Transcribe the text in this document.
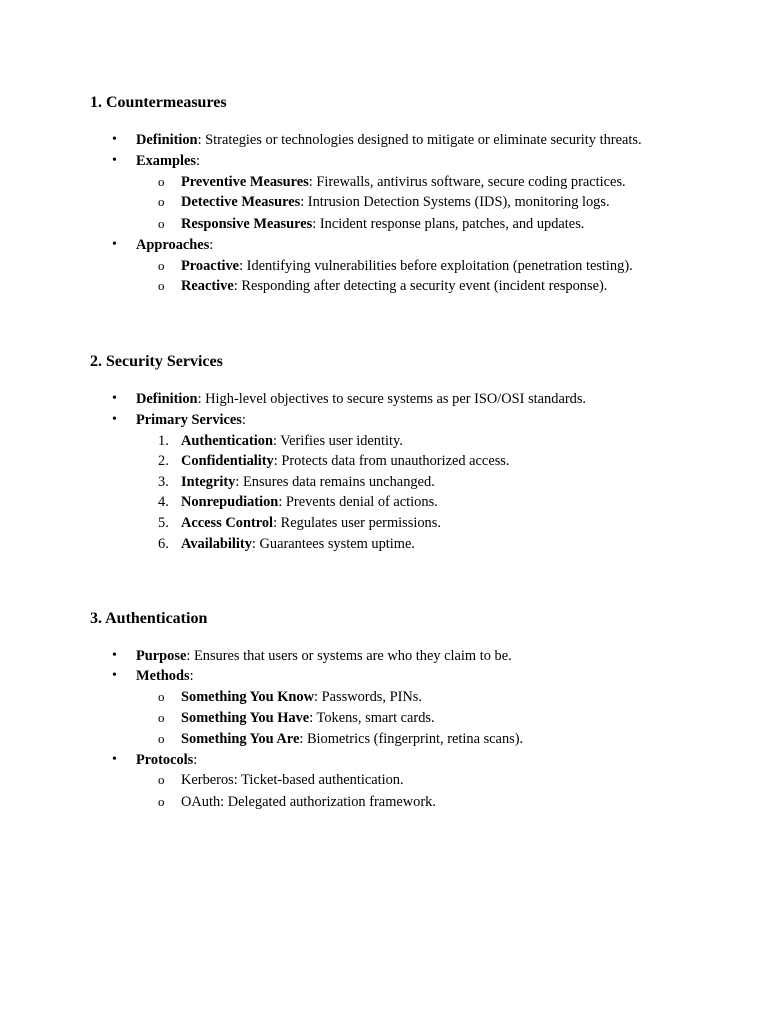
1. Countermeasures
• Definition: Strategies or technologies designed to mitigate or eliminate security threats.
• Examples:
o Preventive Measures: Firewalls, antivirus software, secure coding practices.
o Detective Measures: Intrusion Detection Systems (IDS), monitoring logs.
o Responsive Measures: Incident response plans, patches, and updates.
• Approaches:
o Proactive: Identifying vulnerabilities before exploitation (penetration testing).
o Reactive: Responding after detecting a security event (incident response).
2. Security Services
• Definition: High-level objectives to secure systems as per ISO/OSI standards.
• Primary Services:
1. Authentication: Verifies user identity.
2. Confidentiality: Protects data from unauthorized access.
3. Integrity: Ensures data remains unchanged.
4. Nonrepudiation: Prevents denial of actions.
5. Access Control: Regulates user permissions.
6. Availability: Guarantees system uptime.
3. Authentication
• Purpose: Ensures that users or systems are who they claim to be.
• Methods:
o Something You Know: Passwords, PINs.
o Something You Have: Tokens, smart cards.
o Something You Are: Biometrics (fingerprint, retina scans).
• Protocols:
o Kerberos: Ticket-based authentication.
o OAuth: Delegated authorization framework.
